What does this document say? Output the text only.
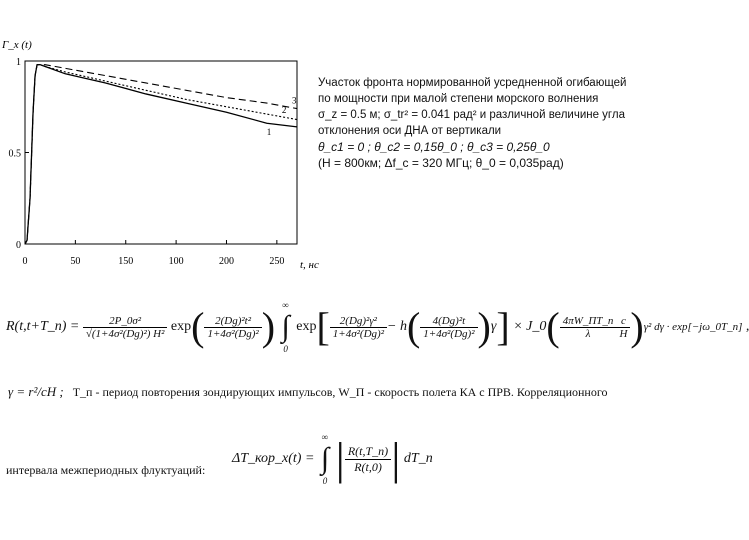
Γ_x (t)
0
0.5
1
0	50	150	100	200	250
1
2
3
t, нс
Участок фронта нормированной усредненной огибающей
по мощности при малой степени морского волнения
σ_z = 0.5 м; σ_tr² = 0.041 рад² и различной величине угла
отклонения оси ДНА от вертикали
θ_c1 = 0 ; θ_c2 = 0,15θ_0 ; θ_c3 = 0,25θ_0
(H = 800км; Δf_c = 320 МГц; θ_0 = 0,035рад)
R(t,t+T_п) = $\frac{\text{2P\_0σ²}}{\text{√(1+4σ²(Dg)²) H²}} \exp( \frac{\text{2(Dg)²t²}}{\text{1+4σ²(Dg)²}}$ ) ∞
∫
0
$\exp[ \frac{\text{2(Dg)²γ²}}{\text{1+4σ²(Dg)²}} - h( \frac{\text{4(Dg)²t}}{\text{1+4σ²(Dg)²}} )\gamma]$ × J_0( $\frac{4\pi W\_ПT\_п}{\lambda} \frac{c}{H} )\gamma^2$ dγ · exp[−jω_0T_п]
γ = r²/cH ; T_п - период повторения зондирующих импульсов, W_П - скорость полета КА с ПРВ. Корреляционного
интервала межпериодных флуктуаций:
ΔT_кор_x(t) =
∞
∫
0 | $\frac{R(t,T\_п)}{R(t,0)}$ | dT_п
